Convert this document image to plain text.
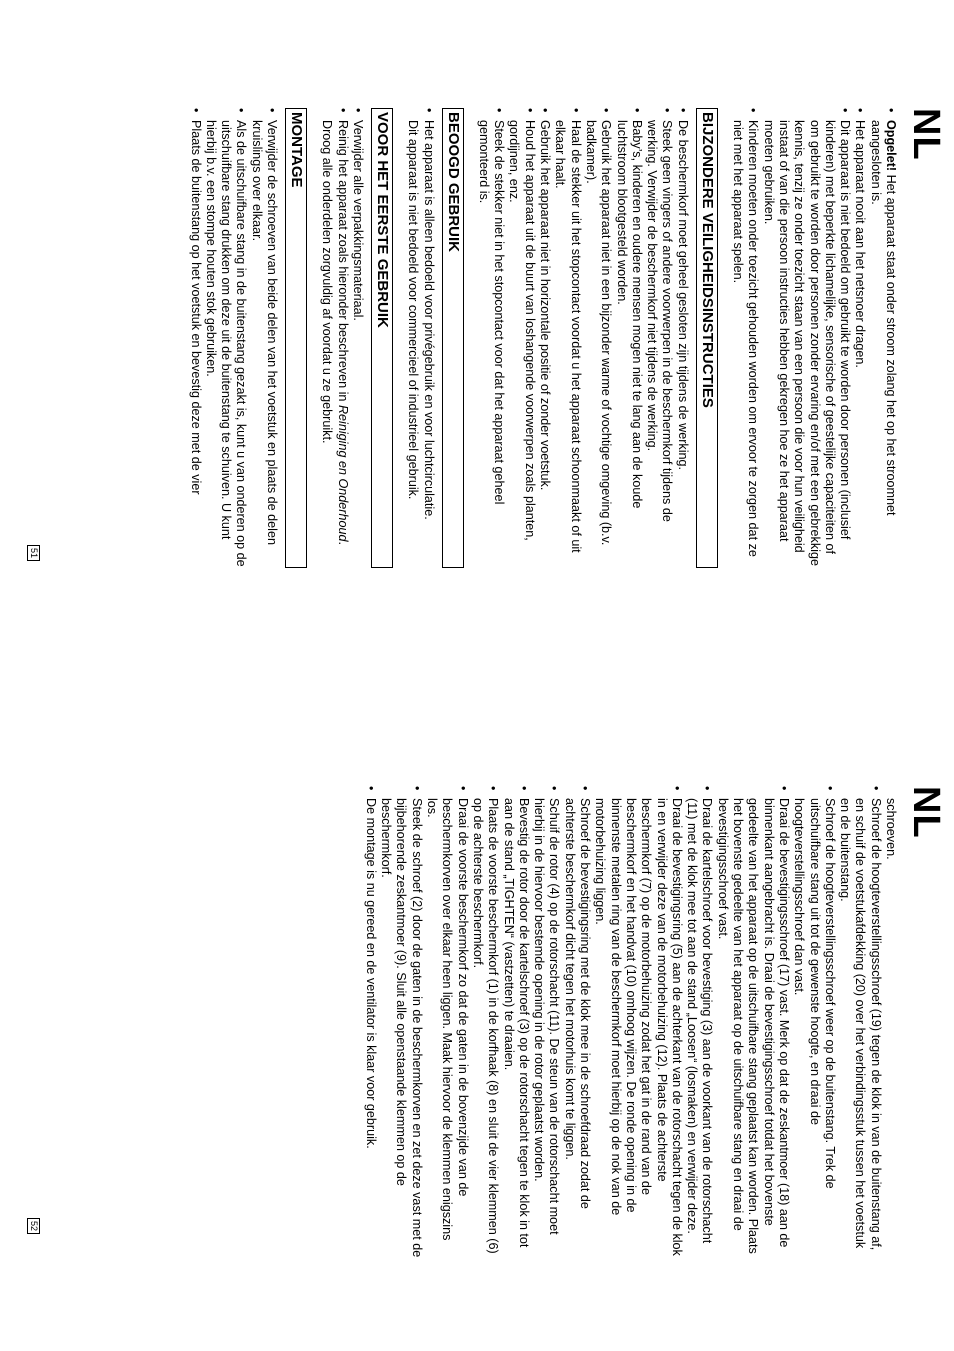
NL
• Opgelet! Het apparaat staat onder stroom zolang het op het stroomnet aangesloten is.
• Het apparaat nooit aan het netsnoer dragen.
• Dit apparaat is niet bedoeld om gebruikt te worden door personen (inclusief kinderen) met beperkte lichamelijke, sensorische of geestelijke capaciteiten of om gebruikt te worden door personen zonder ervaring en/of met een gebrekkige kennis, tenzij ze onder toezicht staan van een persoon die voor hun veiligheid instaat of van die persoon instructies hebben gekregen hoe ze het apparaat moeten gebruiken.
• Kinderen moeten onder toezicht gehouden worden om ervoor te zorgen dat ze niet met het apparaat spelen.
BIJZONDERE VEILIGHEIDSINSTRUCTIES
• De beschermkorf moet geheel gesloten zijn tijdens de werking.
• Steek geen vingers of andere voorwerpen in de beschermkorf tijdens de werking. Verwijder de beschermkorf niet tijdens de werking.
• Baby’s, kinderen en oudere mensen mogen niet te lang aan de koude luchtstroom blootgesteld worden.
• Gebruik het apparaat niet in een bijzonder warme of vochtige omgeving (b.v. badkamer).
• Haal de stekker uit het stopcontact voordat u het apparaat schoonmaakt of uit elkaar haalt.
• Gebruik het apparaat niet in horizontale positie of zonder voetstuk.
• Houd het apparaat uit de buurt van loshangende voorwerpen zoals planten, gordijnen, enz.
• Steek de stekker niet in het stopcontact voor dat het apparaat geheel gemonteerd is.
BEOOGD GEBRUIK
• Het apparaat is alleen bedoeld voor privégebruik en voor luchtcirculatie.
Dit apparaat is niet bedoeld voor commercieel of industrieel gebruik.
VOOR HET EERSTE GEBRUIK
• Verwijder alle verpakkingsmateriaal.
• Reinig het apparaat zoals hieronder beschreven in Reiniging en Onderhoud. Droog alle onderdelen zorgvuldig af voordat u ze gebruikt.
MONTAGE
• Verwijder de schroeven van beide delen van het voetstuk en plaats de delen kruislings over elkaar.
• Als de uitschuifbare stang in de buitenstang gezakt is, kunt u van onderen op de uitschuifbare stang drukken om deze uit de buitenstang te schuiven. U kunt hierbij b.v. een stompe houten stok gebruiken.
• Plaats de buitenstang op het voetstuk en bevestig deze met de vier
51
NL
schroeven.
• Schroef de hoogteverstellingsschroef (19) tegen de klok in van de buitenstang af, en schuif de voetstukafdekking (20) over het verbindingsstuk tussen het voetstuk en de buitenstang.
• Schroef de hoogteverstellingsschroef weer op de buitenstang. Trek de uitschuifbare stang uit tot de gewenste hoogte, en draai de hoogteverstellingsschroef dan vast.
• Draai de bevestigingsschroef (17) vast. Merk op dat de zeskantmoer (18) aan de binnenkant aangebracht is. Draai de bevestigingsschroef totdat het bovenste gedeelte van het apparaat op de uitschuifbare stang geplaatst kan worden. Plaats het bovenste gedeelte van het apparaat op de uitschuifbare stang en draai de bevestigingsschroef vast.
• Draai de kartelschroef voor bevestiging (3) aan de voorkant van de rotorschacht (11) met de klok mee tot aan de stand „Loosen“ (losmaken) en verwijder deze.
• Draai de bevestigingsring (5) aan de achterkant van de rotorschacht tegen de klok in en verwijder deze van de motorbehuizing (12). Plaats de achterste beschermkorf (7) op de motorbehuizing zodat het gat in de rand van de beschermkorf en het handvat (10) omhoog wijzen. De ronde opening in de binnenste metalen ring van de beschermkorf moet hierbij op de nok van de motorbehuizing liggen.
• Schroef de bevestigingsring met de klok mee in de schroefdraad zodat de achterste beschermkorf dicht tegen het motorhuis komt te liggen.
• Schuif de rotor (4) op de rotorschacht (11). De steun van de rotorschacht moet hierbij in de hiervoor bestemde opening in de rotor geplaatst worden.
• Bevestig de rotor door de kartelschroef (3) op de rotorschacht tegen te klok in tot aan de stand „TIGHTEN“ (vastzetten) te draaien.
• Plaats de voorste beschermkorf (1) in de korfhaak (8) en sluit de vier klemmen (6) op de achterste beschermkorf.
• Draai de voorste beschermkorf zo dat de gaten in de bovenzijde van de beschermkorven over elkaar heen liggen. Maak hiervoor de klemmen enigszins los.
• Steek de schroef (2) door de gaten in de beschermkorven en zet deze vast met de bijbehorende zeskantmoer (9). Sluit alle openstaande klemmen op de beschermkorf.
• De montage is nu gereed en de ventilator is klaar voor gebruik.
52
